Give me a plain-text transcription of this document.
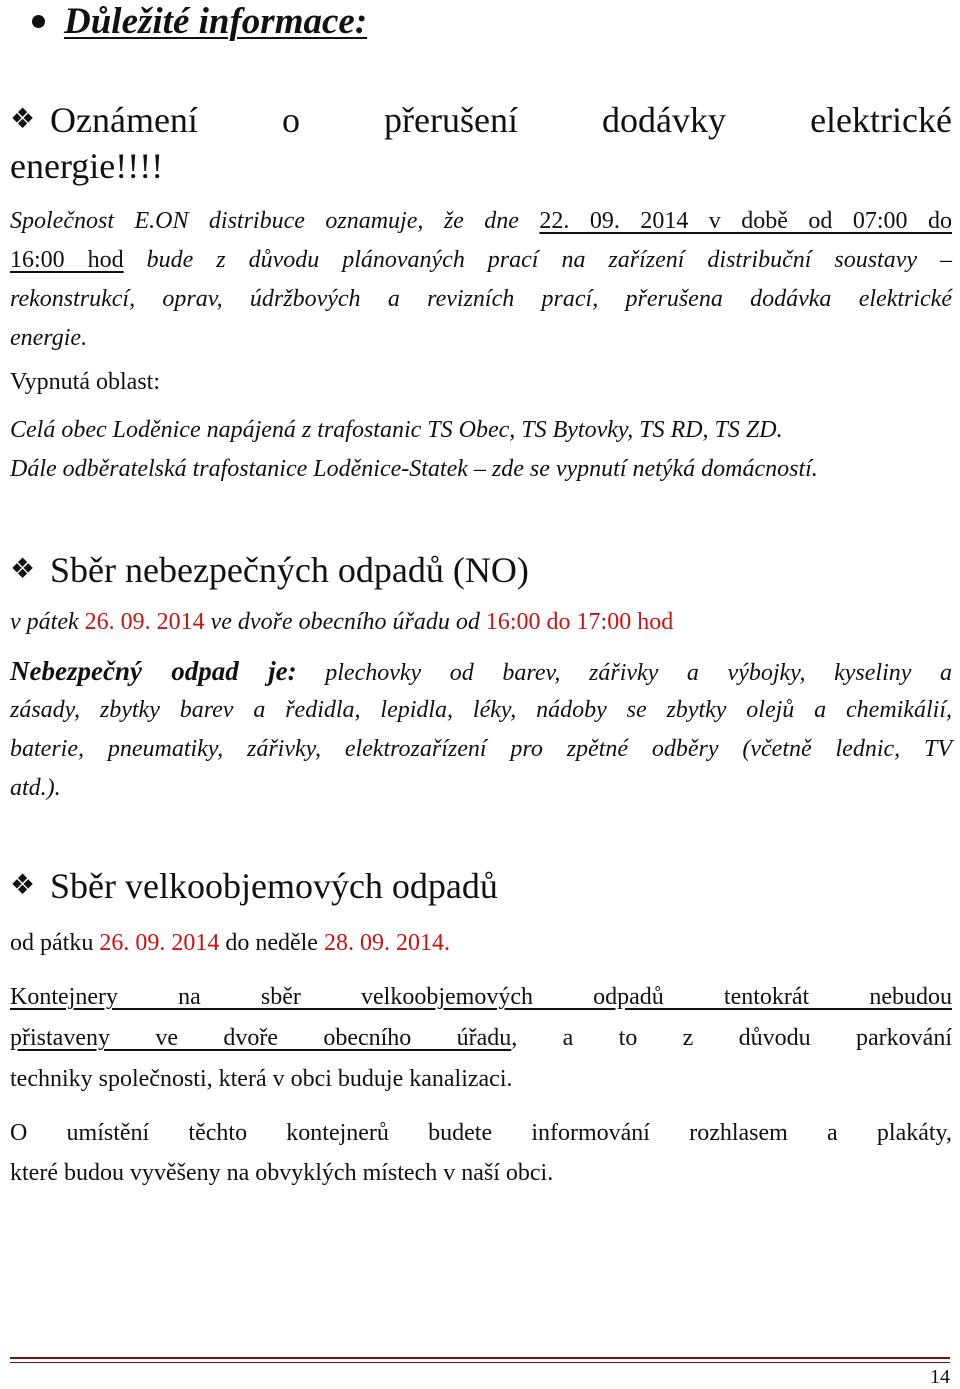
Důležité informace:
❖ Oznámení o přerušení dodávky elektrické
energie!!!!
Společnost E.ON distribuce oznamuje, že dne 22. 09. 2014 v době od 07:00 do
16:00 hod bude z důvodu plánovaných prací na zařízení distribuční soustavy –
rekonstrukcí, oprav, údržbových a revizních prací, přerušena dodávka elektrické
energie.
Vypnutá oblast:
Celá obec Loděnice napájená z trafostanic TS Obec, TS Bytovky, TS RD, TS ZD.
Dále odběratelská trafostanice Loděnice-Statek – zde se vypnutí netýká domácností.
❖ Sběr nebezpečných odpadů (NO)
v pátek 26. 09. 2014 ve dvoře obecního úřadu od 16:00 do 17:00 hod
Nebezpečný odpad je: plechovky od barev, zářivky a výbojky, kyseliny a
zásady, zbytky barev a ředidla, lepidla, léky, nádoby se zbytky olejů a chemikálií,
baterie, pneumatiky, zářivky, elektrozařízení pro zpětné odběry (včetně lednic, TV
atd.).
❖ Sběr velkoobjemových odpadů
od pátku 26. 09. 2014 do neděle 28. 09. 2014.
Kontejnery na sběr velkoobjemových odpadů tentokrát nebudou
přistaveny ve dvoře obecního úřadu, a to z důvodu parkování
techniky společnosti, která v obci buduje kanalizaci.
O umístění těchto kontejnerů budete informování rozhlasem a plakáty,
které budou vyvěšeny na obvyklých místech v naší obci.
14
